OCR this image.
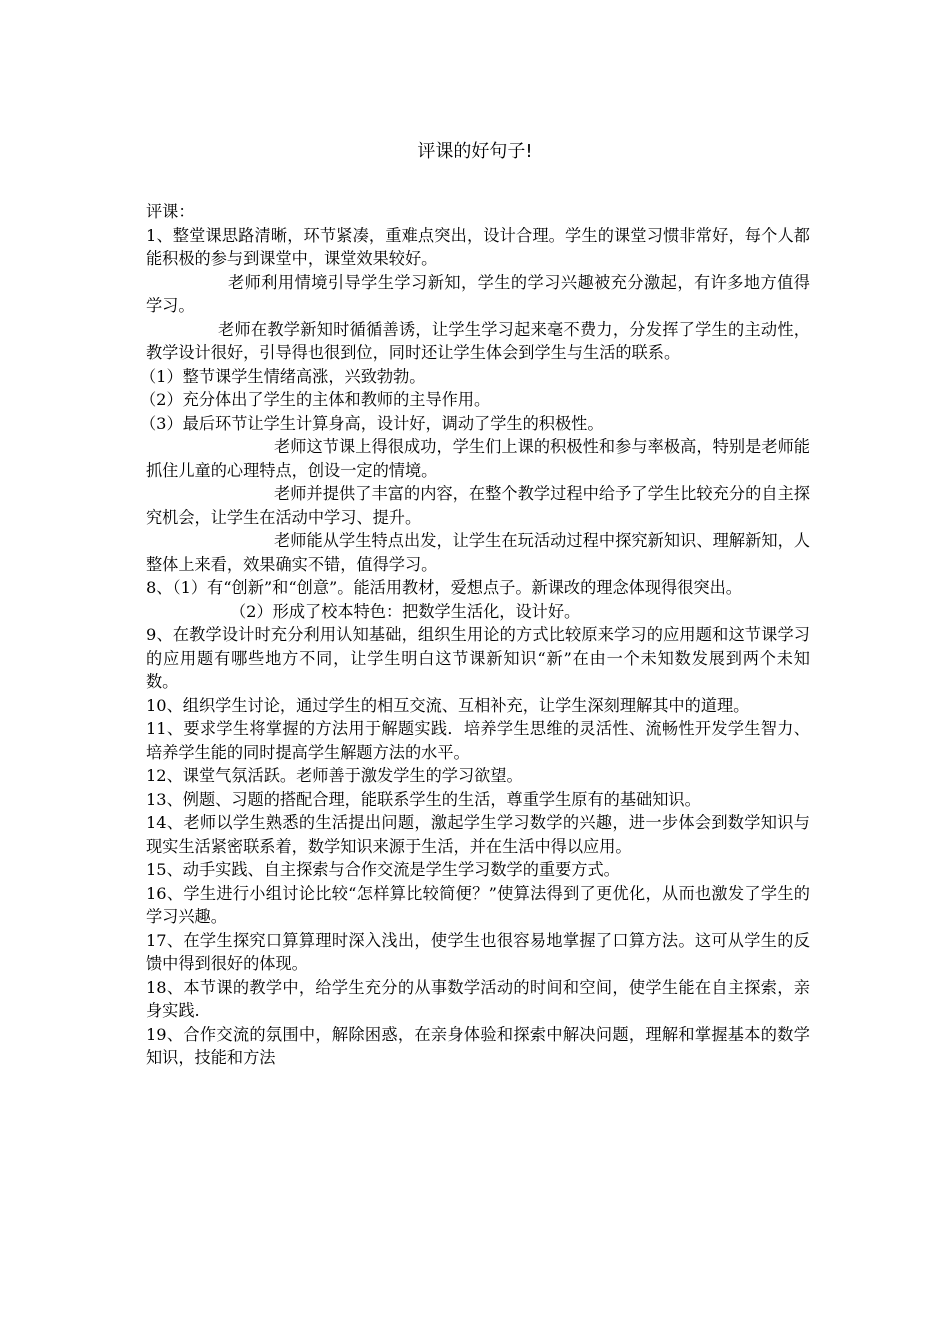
评课的好句子!

评课：

1、整堂课思路清晰，环节紧凑，重难点突出，设计合理。学生的课堂习惯非常好，每个人都能积极的参与到课堂中，课堂效果较好。

老师利用情境引导学生学习新知，学生的学习兴趣被充分激起，有许多地方值得学习。

老师在教学新知时循循善诱，让学生学习起来毫不费力，分发挥了学生的主动性，教学设计很好，引导得也很到位，同时还让学生体会到学生与生活的联系。

（1）整节课学生情绪高涨，兴致勃勃。

（2）充分体出了学生的主体和教师的主导作用。

（3）最后环节让学生计算身高，设计好，调动了学生的积极性。

老师这节课上得很成功，学生们上课的积极性和参与率极高，特别是老师能抓住儿童的心理特点，创设一定的情境。

老师并提供了丰富的内容，在整个教学过程中给予了学生比较充分的自主探究机会，让学生在活动中学习、提升。

老师能从学生特点出发，让学生在玩活动过程中探究新知识、理解新知，人整体上来看，效果确实不错，值得学习。

8、（1）有“创新”和“创意”。能活用教材，爱想点子。新课改的理念体现得很突出。

（2）形成了校本特色：把数学生活化，设计好。

9、在教学设计时充分利用认知基础，组织生用论的方式比较原来学习的应用题和这节课学习的应用题有哪些地方不同，让学生明白这节课新知识“新”在由一个未知数发展到两个未知数。

10、组织学生讨论，通过学生的相互交流、互相补充，让学生深刻理解其中的道理。

11、要求学生将掌握的方法用于解题实践．培养学生思维的灵活性、流畅性开发学生智力、培养学生能的同时提高学生解题方法的水平。

12、课堂气氛活跃。老师善于激发学生的学习欲望。

13、例题、习题的搭配合理，能联系学生的生活，尊重学生原有的基础知识。

14、老师以学生熟悉的生活提出问题，激起学生学习数学的兴趣，进一步体会到数学知识与现实生活紧密联系着，数学知识来源于生活，并在生活中得以应用。

15、动手实践、自主探索与合作交流是学生学习数学的重要方式。

16、学生进行小组讨论比较“怎样算比较简便？”使算法得到了更优化，从而也激发了学生的学习兴趣。

17、在学生探究口算算理时深入浅出，使学生也很容易地掌握了口算方法。这可从学生的反馈中得到很好的体现。

18、本节课的教学中，给学生充分的从事数学活动的时间和空间，使学生能在自主探索，亲身实践.

19、合作交流的氛围中，解除困惑，在亲身体验和探索中解决问题，理解和掌握基本的数学知识，技能和方法
